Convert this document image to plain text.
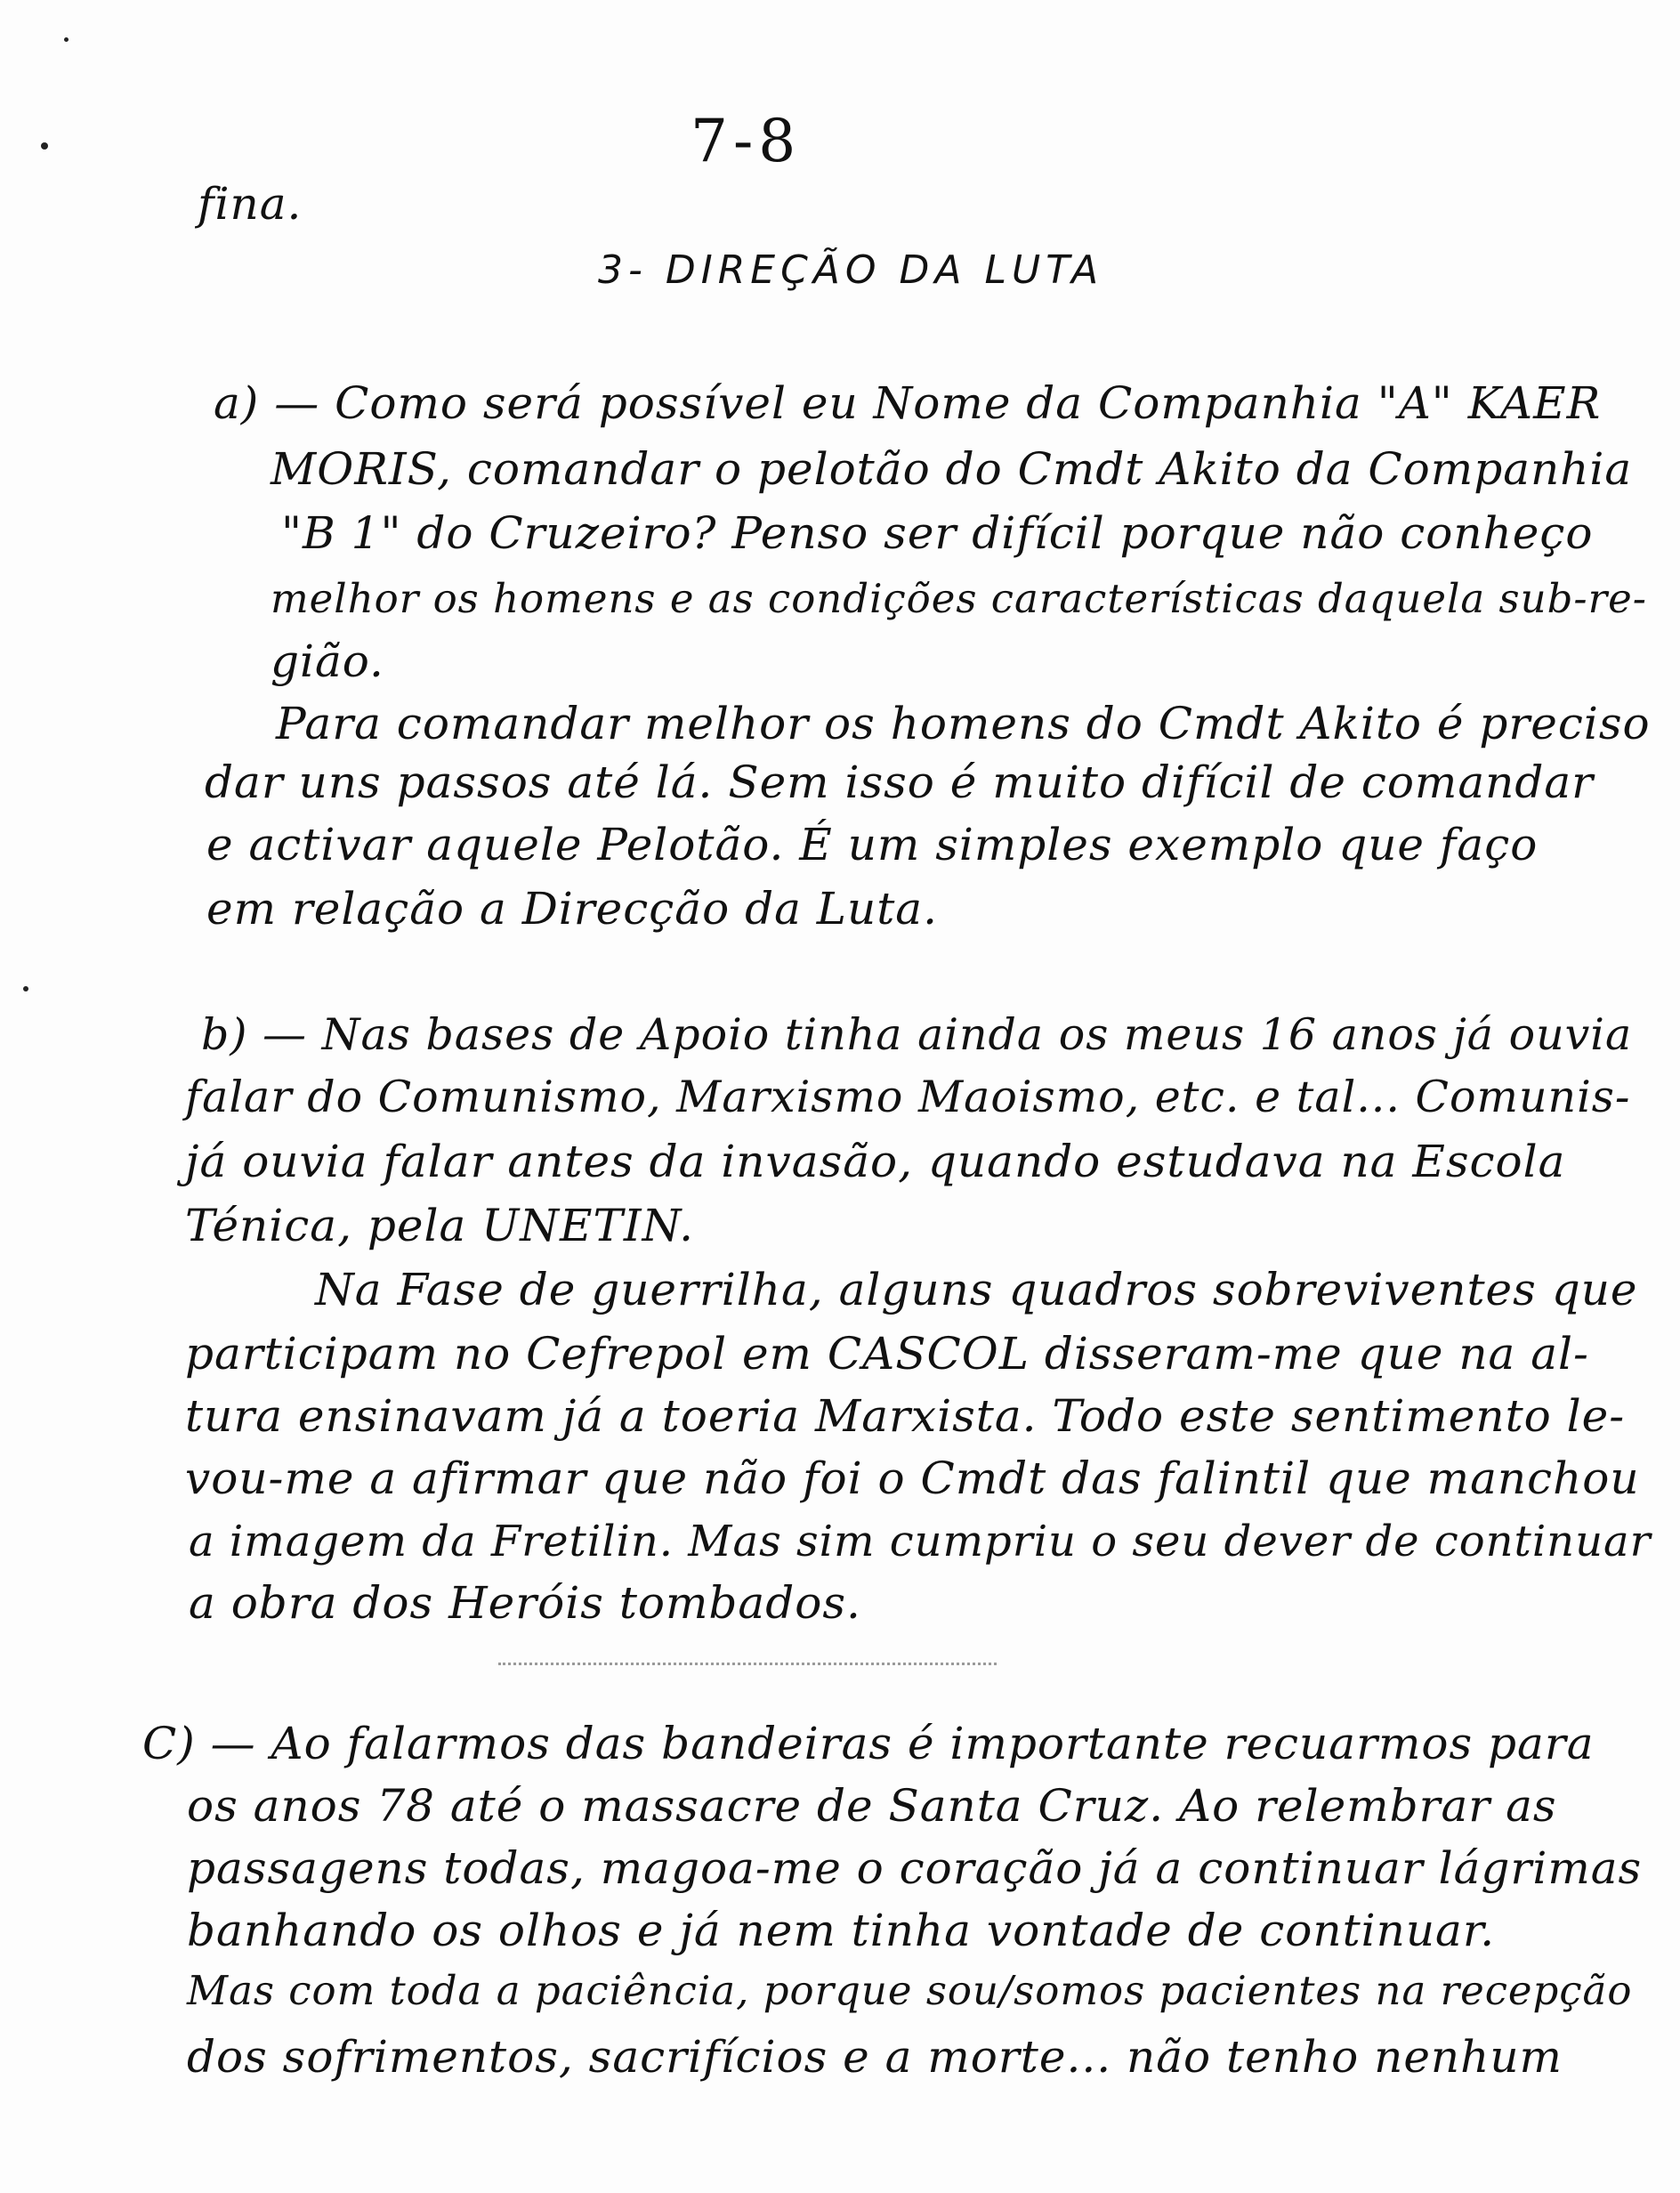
7-8
fina.
3- DIREÇÃO DA LUTA
a) — Como será possível eu Nome da Companhia "A" KAER
MORIS, comandar o pelotão do Cmdt Akito da Companhia
"B 1" do Cruzeiro? Penso ser difícil porque não conheço
melhor os homens e as condições características daquela sub-re-
gião.
Para comandar melhor os homens do Cmdt Akito é preciso
dar uns passos até lá. Sem isso é muito difícil de comandar
e activar aquele Pelotão. É um simples exemplo que faço
em relação a Direcção da Luta.
b) — Nas bases de Apoio tinha ainda os meus 16 anos já ouvia
falar do Comunismo, Marxismo Maoismo, etc. e tal... Comunis-
já ouvia falar antes da invasão, quando estudava na Escola
Ténica, pela UNETIN.
Na Fase de guerrilha, alguns quadros sobreviventes que
participam no Cefrepol em CASCOL disseram-me que na al-
tura ensinavam já a toeria Marxista. Todo este sentimento le-
vou-me a afirmar que não foi o Cmdt das falintil que manchou
a imagem da Fretilin. Mas sim cumpriu o seu dever de continuar
a obra dos Heróis tombados.
C) — Ao falarmos das bandeiras é importante recuarmos para
os anos 78 até o massacre de Santa Cruz. Ao relembrar as
passagens todas, magoa-me o coração já a continuar lágrimas
banhando os olhos e já nem tinha vontade de continuar.
Mas com toda a paciência, porque sou/somos pacientes na recepção
dos sofrimentos, sacrifícios e a morte... não tenho nenhum
